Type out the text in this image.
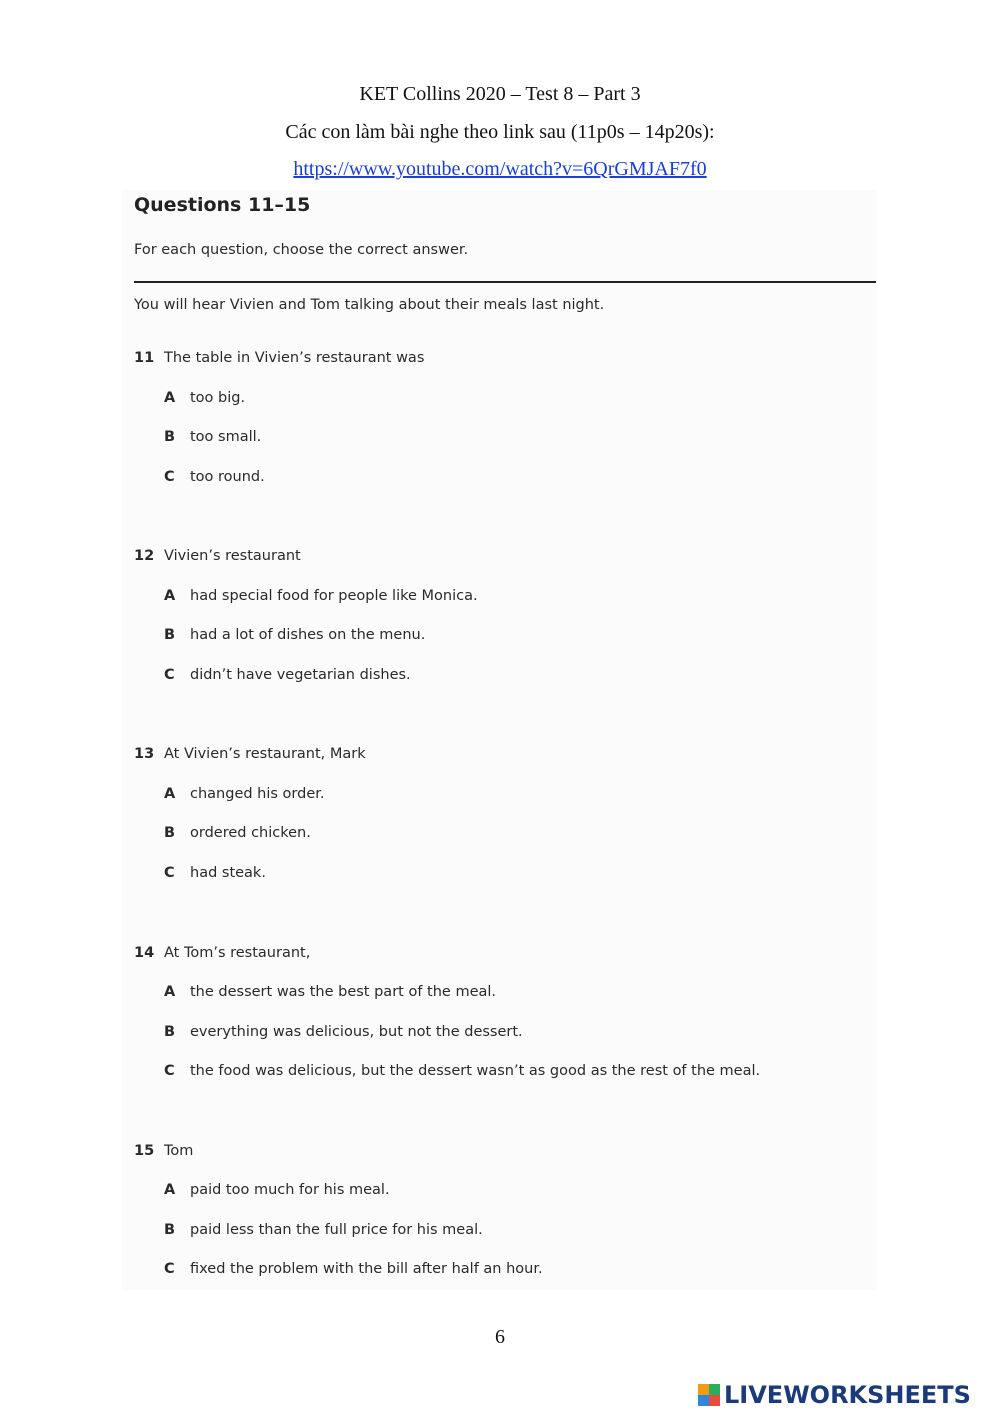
KET Collins 2020 – Test 8 – Part 3
Các con làm bài nghe theo link sau (11p0s – 14p20s):
https://www.youtube.com/watch?v=6QrGMJAF7f0
Questions 11–15
For each question, choose the correct answer.
You will hear Vivien and Tom talking about their meals last night.
11 The table in Vivien’s restaurant was
A too big.
B too small.
C too round.
12 Vivien’s restaurant
A had special food for people like Monica.
B had a lot of dishes on the menu.
C didn’t have vegetarian dishes.
13 At Vivien’s restaurant, Mark
A changed his order.
B ordered chicken.
C had steak.
14 At Tom’s restaurant,
A the dessert was the best part of the meal.
B everything was delicious, but not the dessert.
C the food was delicious, but the dessert wasn’t as good as the rest of the meal.
15 Tom
A paid too much for his meal.
B paid less than the full price for his meal.
C fixed the problem with the bill after half an hour.
6
LIVEWORKSHEETS
